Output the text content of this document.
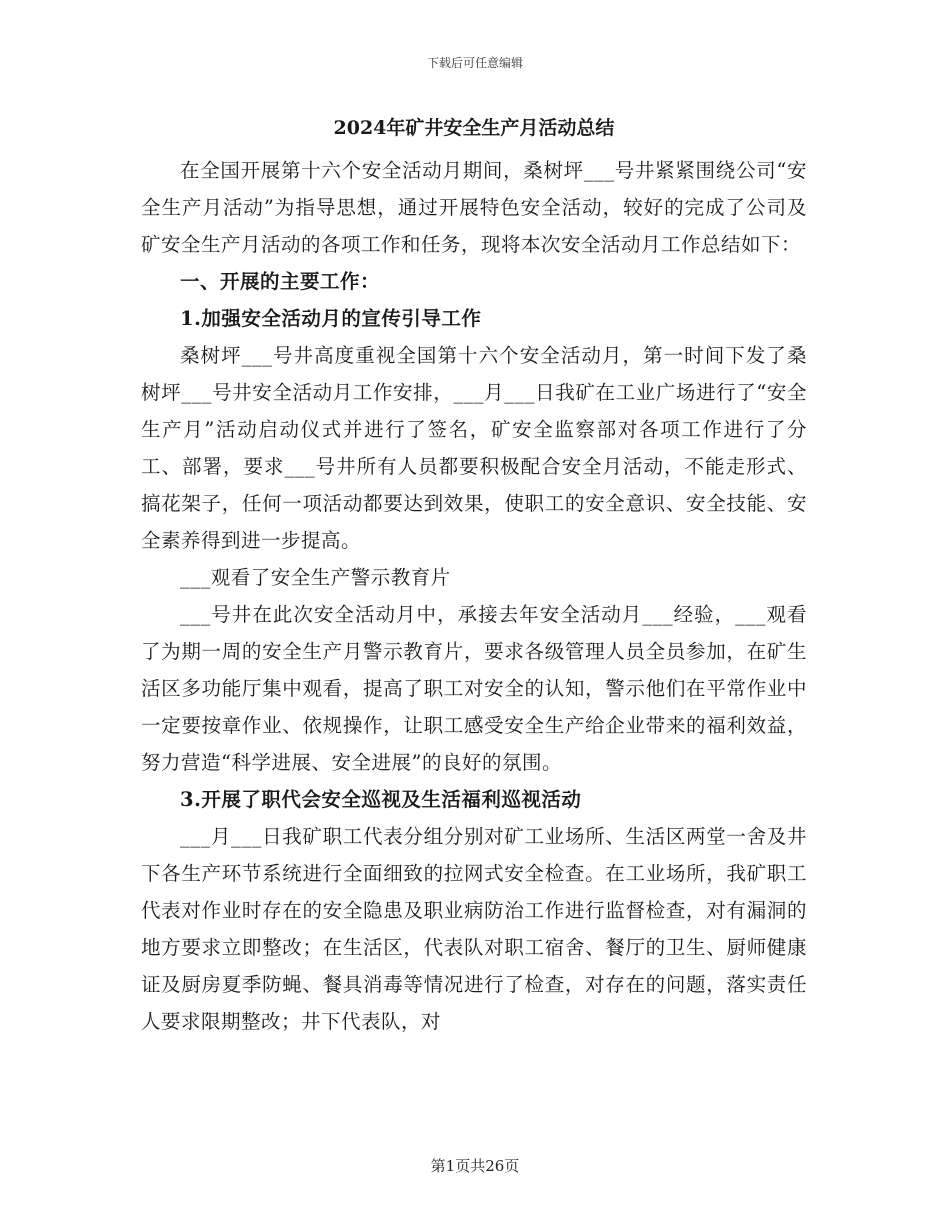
下载后可任意编辑
2024年矿井安全生产月活动总结

在全国开展第十六个安全活动月期间，桑树坪___号井紧紧围绕公司“安全生产月活动”为指导思想，通过开展特色安全活动，较好的完成了公司及矿安全生产月活动的各项工作和任务，现将本次安全活动月工作总结如下：

一、开展的主要工作：

1.加强安全活动月的宣传引导工作

桑树坪___号井高度重视全国第十六个安全活动月，第一时间下发了桑树坪___号井安全活动月工作安排，___月___日我矿在工业广场进行了“安全生产月”活动启动仪式并进行了签名，矿安全监察部对各项工作进行了分工、部署，要求___号井所有人员都要积极配合安全月活动，不能走形式、搞花架子，任何一项活动都要达到效果，使职工的安全意识、安全技能、安全素养得到进一步提高。

___观看了安全生产警示教育片

___号井在此次安全活动月中，承接去年安全活动月___经验，___观看了为期一周的安全生产月警示教育片，要求各级管理人员全员参加，在矿生活区多功能厅集中观看，提高了职工对安全的认知，警示他们在平常作业中一定要按章作业、依规操作，让职工感受安全生产给企业带来的福利效益，努力营造“科学进展、安全进展”的良好的氛围。

3.开展了职代会安全巡视及生活福利巡视活动

___月___日我矿职工代表分组分别对矿工业场所、生活区两堂一舍及井下各生产环节系统进行全面细致的拉网式安全检查。在工业场所，我矿职工代表对作业时存在的安全隐患及职业病防治工作进行监督检查，对有漏洞的地方要求立即整改；在生活区，代表队对职工宿舍、餐厅的卫生、厨师健康证及厨房夏季防蝇、餐具消毒等情况进行了检查，对存在的问题，落实责任人要求限期整改；井下代表队，对

第1页共26页
